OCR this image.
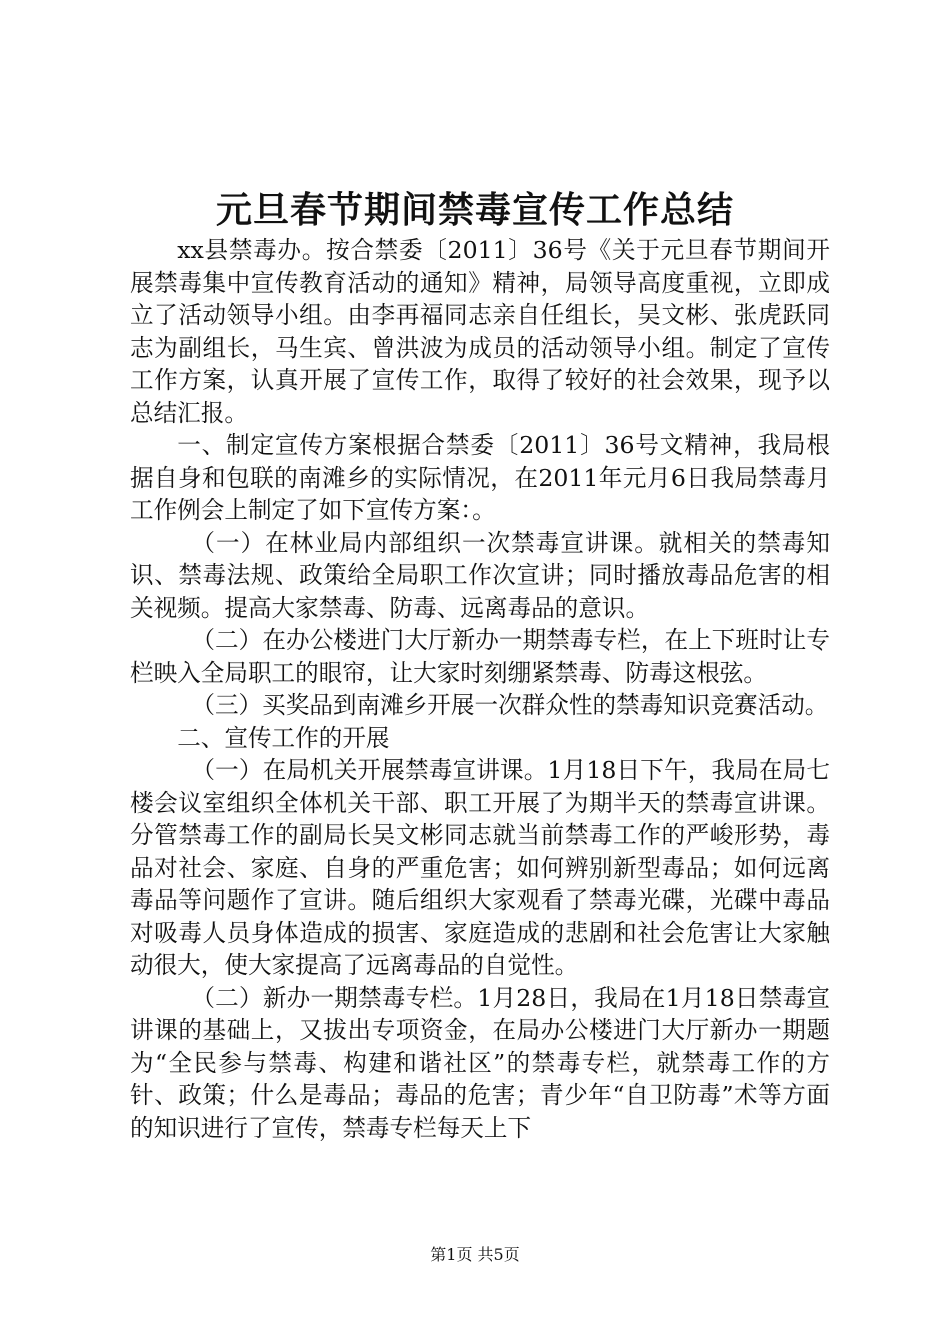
元旦春节期间禁毒宣传工作总结

xx县禁毒办。按合禁委〔2011〕36号《关于元旦春节期间开展禁毒集中宣传教育活动的通知》精神，局领导高度重视，立即成立了活动领导小组。由李再福同志亲自任组长，吴文彬、张虎跃同志为副组长，马生宾、曾洪波为成员的活动领导小组。制定了宣传工作方案，认真开展了宣传工作，取得了较好的社会效果，现予以总结汇报。

一、制定宣传方案根据合禁委〔2011〕36号文精神，我局根据自身和包联的南滩乡的实际情况，在2011年元月6日我局禁毒月工作例会上制定了如下宣传方案：。

（一）在林业局内部组织一次禁毒宣讲课。就相关的禁毒知识、禁毒法规、政策给全局职工作次宣讲；同时播放毒品危害的相关视频。提高大家禁毒、防毒、远离毒品的意识。

（二）在办公楼进门大厅新办一期禁毒专栏，在上下班时让专栏映入全局职工的眼帘，让大家时刻绷紧禁毒、防毒这根弦。

（三）买奖品到南滩乡开展一次群众性的禁毒知识竞赛活动。

二、宣传工作的开展

（一）在局机关开展禁毒宣讲课。1月18日下午，我局在局七楼会议室组织全体机关干部、职工开展了为期半天的禁毒宣讲课。分管禁毒工作的副局长吴文彬同志就当前禁毒工作的严峻形势，毒品对社会、家庭、自身的严重危害；如何辨别新型毒品；如何远离毒品等问题作了宣讲。随后组织大家观看了禁毒光碟，光碟中毒品对吸毒人员身体造成的损害、家庭造成的悲剧和社会危害让大家触动很大，使大家提高了远离毒品的自觉性。

（二）新办一期禁毒专栏。1月28日，我局在1月18日禁毒宣讲课的基础上，又拔出专项资金，在局办公楼进门大厅新办一期题为“全民参与禁毒、构建和谐社区”的禁毒专栏，就禁毒工作的方针、政策；什么是毒品；毒品的危害；青少年“自卫防毒”术等方面的知识进行了宣传，禁毒专栏每天上下

第1页 共5页
